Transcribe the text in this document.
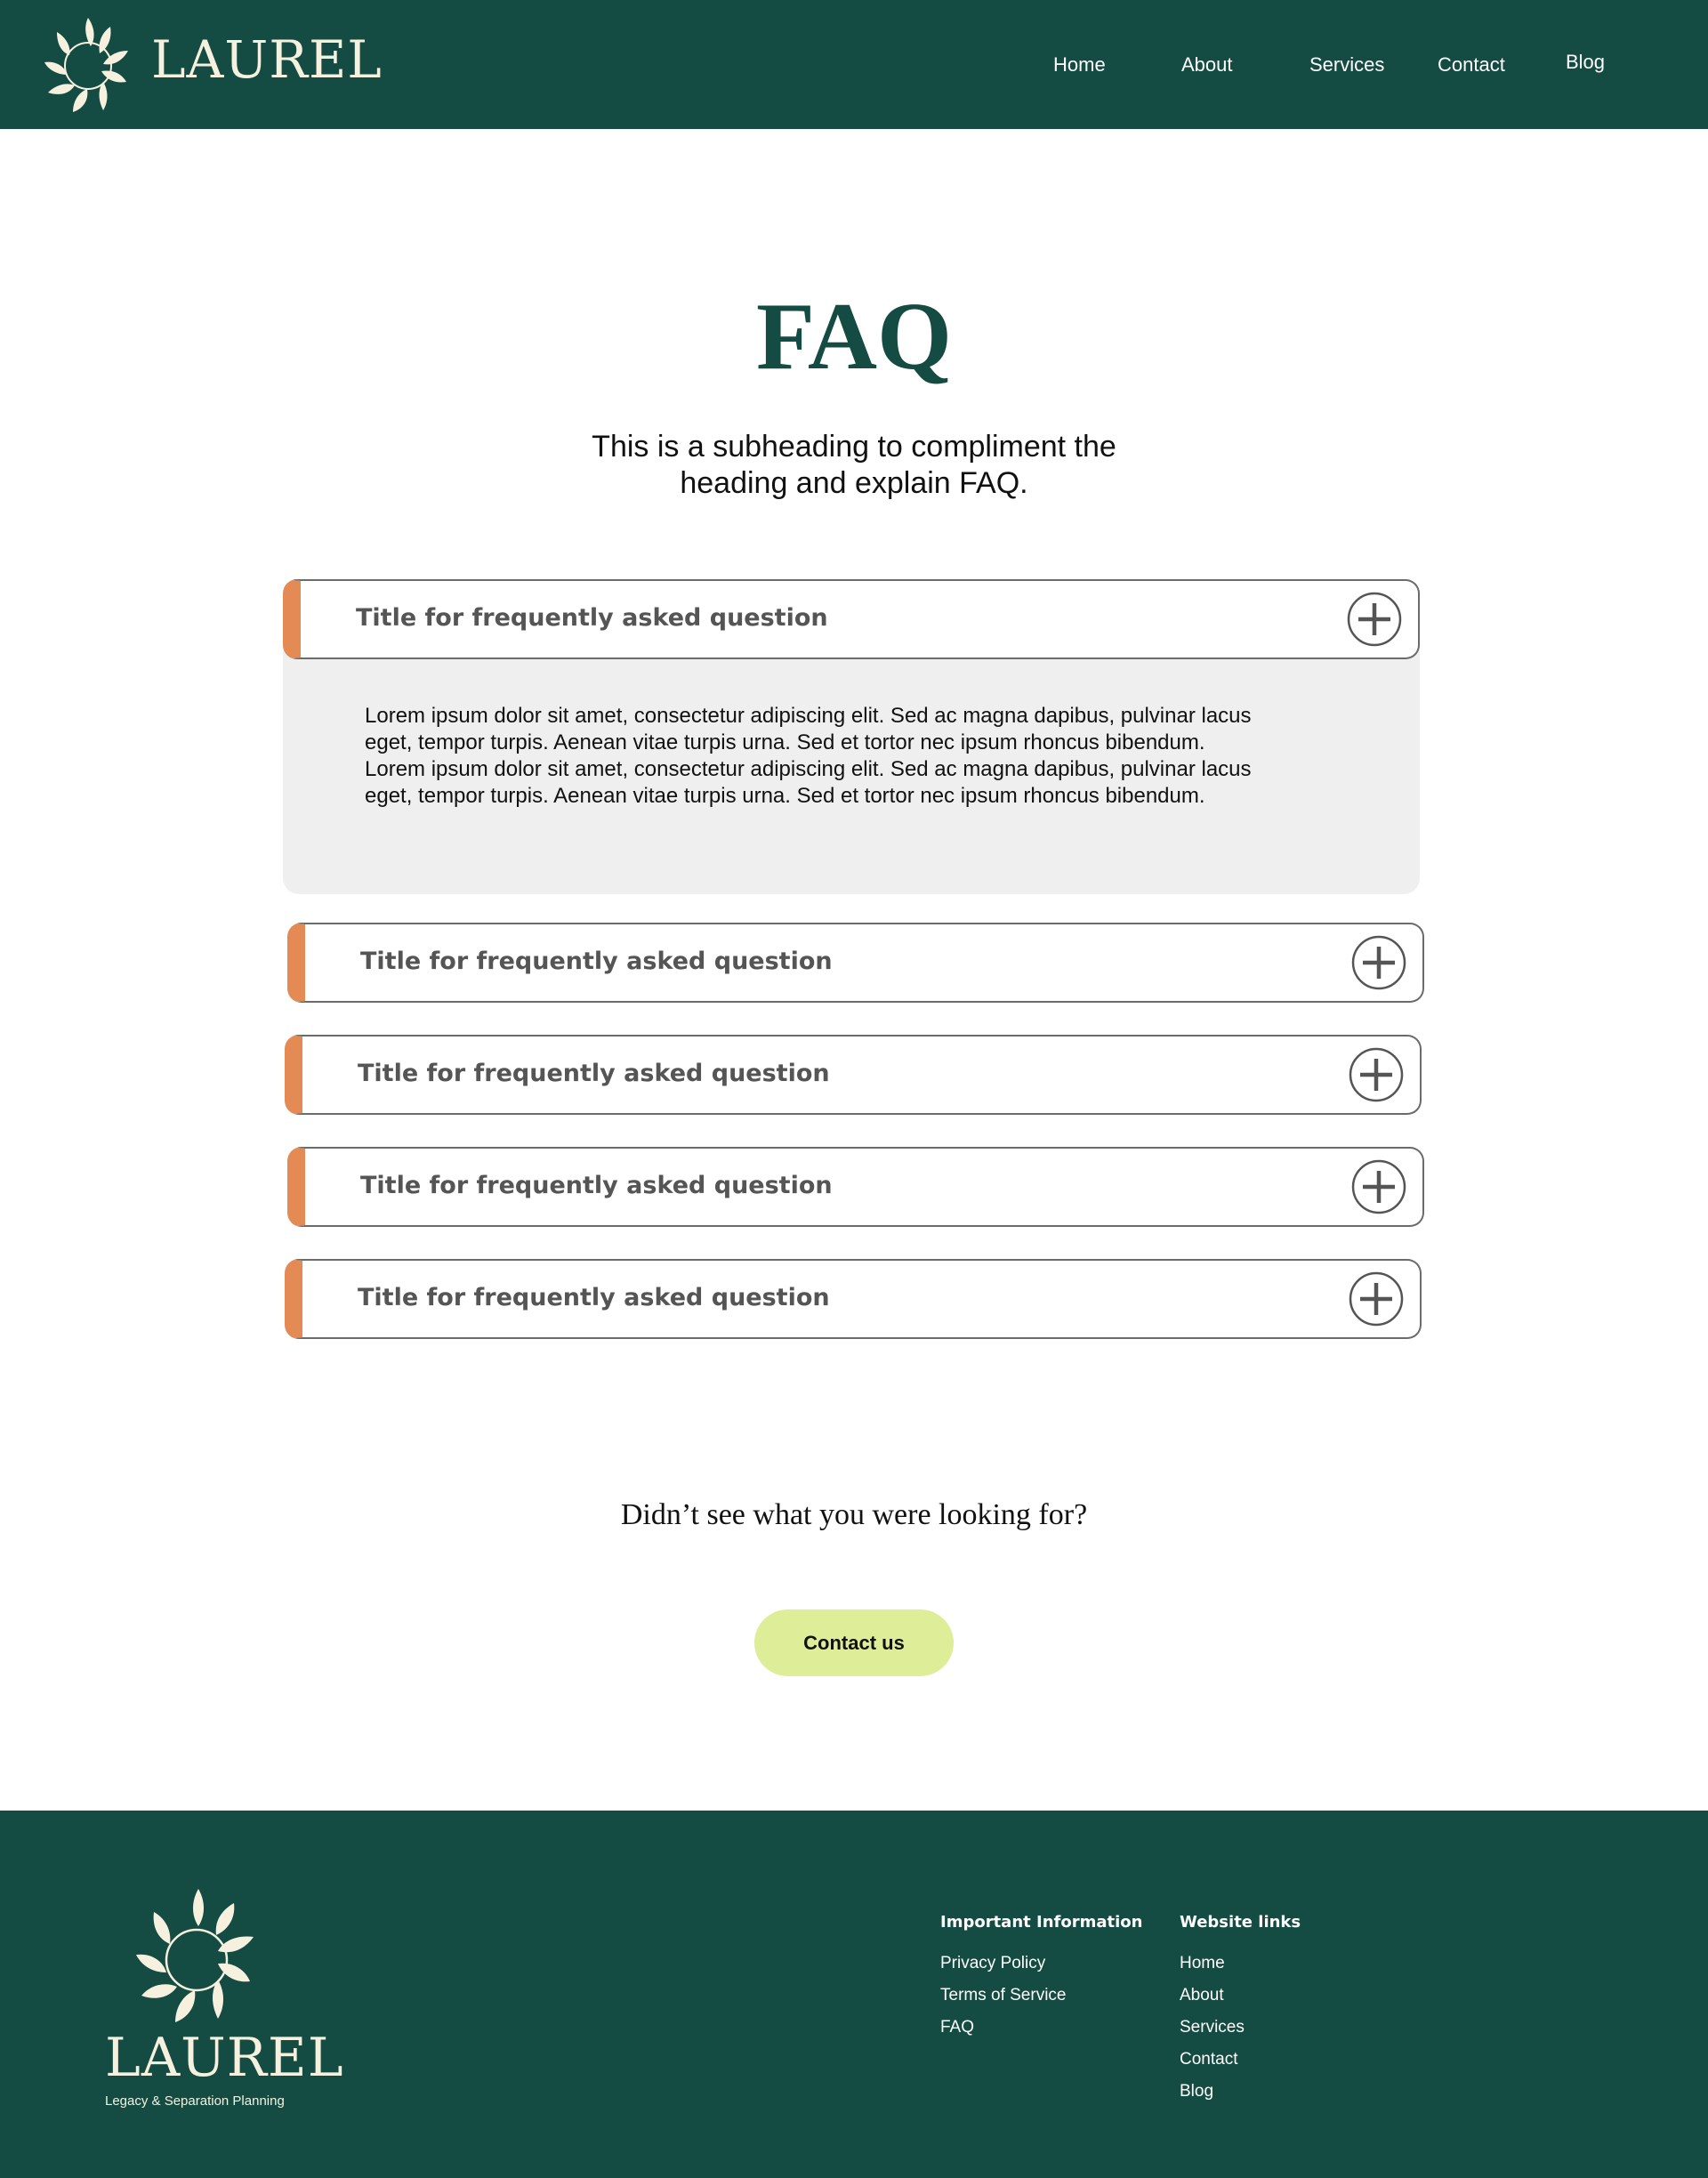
LAUREL	Home	About	Services	Contact	Blog
FAQ

This is a subheading to compliment the heading and explain FAQ.

Lorem ipsum dolor sit amet, consectetur adipiscing elit. Sed ac magna dapibus, pulvinar lacus eget, tempor turpis. Aenean vitae turpis urna. Sed et tortor nec ipsum rhoncus bibendum. Lorem ipsum dolor sit amet, consectetur adipiscing elit. Sed ac magna dapibus, pulvinar lacus eget, tempor turpis. Aenean vitae turpis urna. Sed et tortor nec ipsum rhoncus bibendum.

Title for frequently asked question
Title for frequently asked question
Title for frequently asked question
Title for frequently asked question
Title for frequently asked question
Didn’t see what you were looking for?
Contact us
LAUREL
Legacy & Separation Planning
Important Information
Privacy Policy
Terms of Service
FAQ
Website links
Home
About
Services
Contact
Blog
